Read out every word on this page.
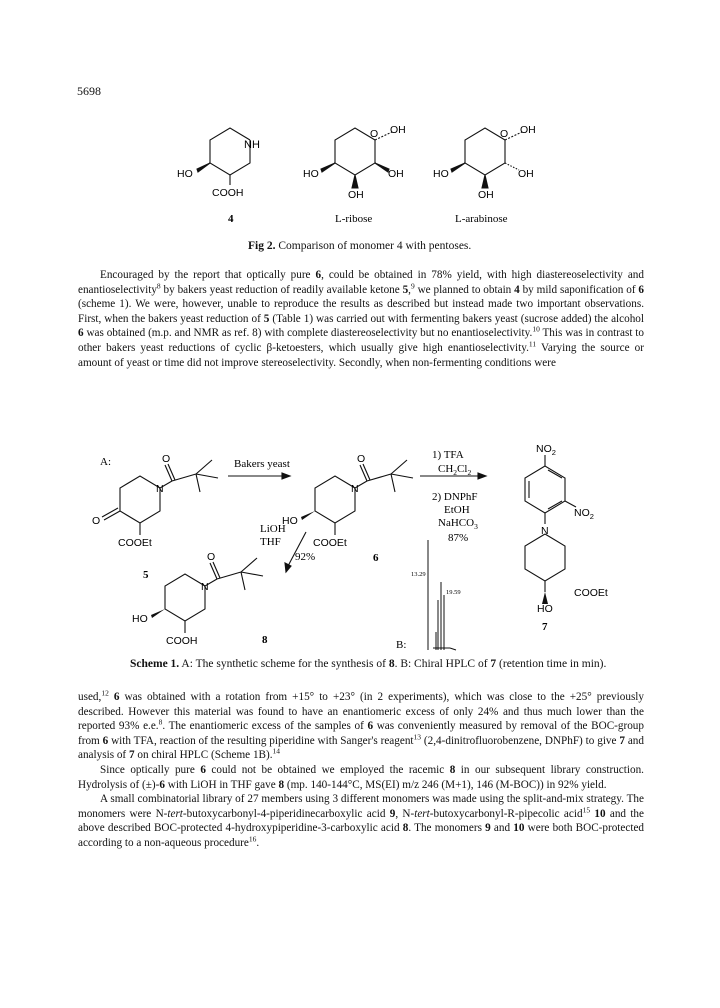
5698
NH
HO
COOH
4
O OH
HO	OH
OH
L-ribose
O OH
HO	OH
OH
L-arabinose
Fig 2. Comparison of monomer 4 with pentoses.

Encouraged by the report that optically pure 6, could be obtained in 78% yield, with high diastereoselectivity and enantioselectivity$^8$ by bakers yeast reduction of readily available ketone 5,$^9$ we planned to obtain 4 by mild saponification of 6 (scheme 1). We were, however, unable to reproduce the results as described but instead made two important observations. First, when the bakers yeast reduction of 5 (Table 1) was carried out with fermenting bakers yeast (sucrose added) the alcohol 6 was obtained (m.p. and NMR as ref. 8) with complete diastereoselectivity but no enantioselectivity.$^{10}$ This was in contrast to other bakers yeast reductions of cyclic β-ketoesters, which usually give high enantioselectivity.$^{11}$ Varying the source or amount of yeast or time did not improve stereoselectivity. Secondly, when non-fermenting conditions were

A:
B:
O
N
O
COOEt
5
Bakers yeast	O
N
HO
COOEt
6
1) TFA
$CH_2Cl_2$
2) DNPhF
EtOH
NaHCO$_3$
87%
$NO_2$
$NO_2$
N
COOEt
HO
7
LiOH
THF
92%
O
N
HO
COOH	8
13.29
19.59
Scheme 1. A: The synthetic scheme for the synthesis of 8. B: Chiral HPLC of 7 (retention time in min).

used,$^{12}$ 6 was obtained with a rotation from +15° to +23° (in 2 experiments), which was close to the +25° previously described. However this material was found to have an enantiomeric excess of only 24% and thus much lower than the reported 93% e.e.$^8$. The enantiomeric excess of the samples of 6 was conveniently measured by removal of the BOC-group from 6 with TFA, reaction of the resulting piperidine with Sanger's reagent$^{13}$ (2,4-dinitrofluorobenzene, DNPhF) to give 7 and analysis of 7 on chiral HPLC (Scheme 1B).$^{14}$

Since optically pure 6 could not be obtained we employed the racemic 8 in our subsequent library construction. Hydrolysis of (±)-6 with LiOH in THF gave 8 (mp. 140-144°C, MS(EI) m/z 246 (M+1), 146 (M-BOC)) in 92% yield.

A small combinatorial library of 27 members using 3 different monomers was made using the split-and-mix strategy. The monomers were N-tert-butoxycarbonyl-4-piperidinecarboxylic acid 9, N-tert-butoxycarbonyl-R-pipecolic acid$^{15}$ 10 and the above described BOC-protected 4-hydroxypiperidine-3-carboxylic acid 8. The monomers 9 and 10 were both BOC-protected according to a non-aqueous procedure$^{16}$.
